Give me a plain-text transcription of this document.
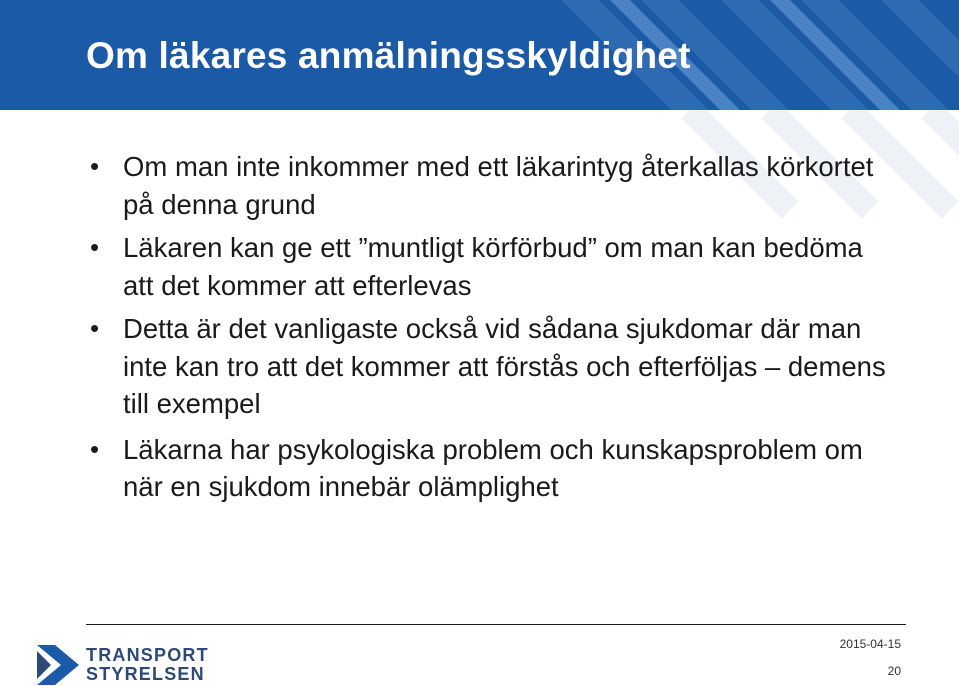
Om läkares anmälningsskyldighet
• Om man inte inkommer med ett läkarintyg återkallas körkortet på denna grund
• Läkaren kan ge ett ”muntligt körförbud” om man kan bedöma att det kommer att efterlevas
• Detta är det vanligaste också vid sådana sjukdomar där man inte kan tro att det kommer att förstås och efterföljas – demens till exempel
• Läkarna har psykologiska problem och kunskapsproblem om när en sjukdom innebär olämplighet
TRANSPORT
STYRELSEN
2015-04-15
20
